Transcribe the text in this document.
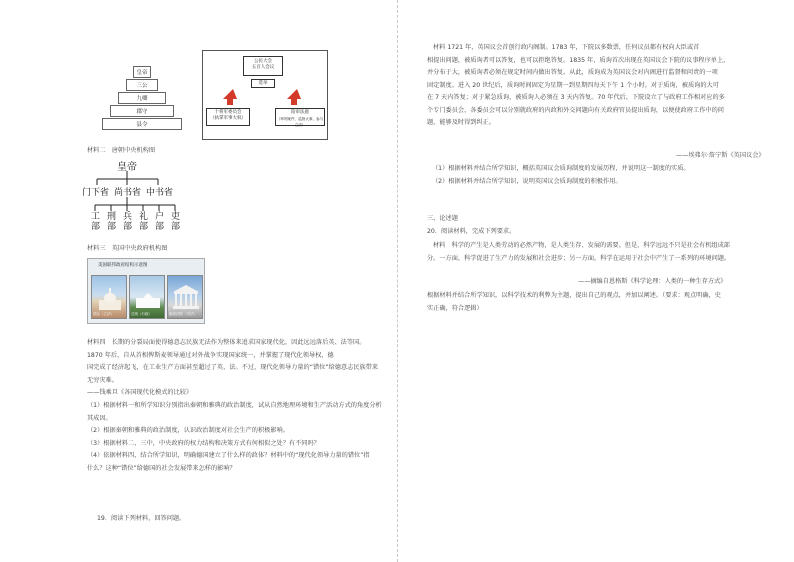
皇帝
三公
九卿
郡守
县令
公民大会
五百人会议
选举
十将军委员会
（执掌军事大权）
陪审法庭
（审判案件，监督大事，参与立法）
材料二　唐朝中央机构图
皇帝
门下省 尚书省 中书省
工
部
刑
部
兵
部
礼
部
户
部
吏
部
材料三　英国中央政府机构图
美国联邦政府结构示意图
国会（立法）	总统（行政）	最高法院（司法）
材料四　长期的分裂局面使得德意志民族无法作为整体来追求国家现代化，因此远远落后英、法等国。
1870 年后，自从首相俾斯麦领导通过对外战争实现国家统一，并掌握了现代化领导权，德
国完成了经济起飞，在工业生产方面甚至超过了英、法。不过，现代化领导力量的“错位”给德意志民族带来
无穷灾难。
——钱乘旦《各国现代化模式的比较》
（1）根据材料一和所学知识分别指出秦朝和雅典的政治制度，试从自然地理环境和生产活动方式的角度分析
其成因。
（2）根据秦朝和雅典的政治制度，认识政治制度对社会生产的积极影响。
（3）根据材料二、三中，中央政府的权力结构和决策方式有何相似之处？有不同吗？
（4）依据材料四，结合所学知识，明确德国建立了什么样的政体？材料中的“现代化领导力量的错位”指
什么？这种“错位”给德国的社会发展带来怎样的影响？
19．阅读下列材料，回答问题。
材料 1721 年，英国议会首创行政内阁制。1783 年，下院以多数票，任何议员都有权向大臣或首
相提出问题，被质询者可以答复，也可以拒绝答复。1835 年，质询首次出现在英国议会下院的议事程序单上，
并分布于大，被质询者必须在规定时间内做出答复。从此，质询成为英国议会对内阁进行监督和问责的一项
固定制度。进入 20 世纪后，质询时间固定为星期一到星期四每天下午 1 个小时。对于质询，被质询的大可
在 7 天内答复；对于紧急质询，被质询人必须在 3 天内答复。70 年代后，下院设立了与政府工作相对应的多
个专门委员会，各委员会可以分别就政府的内政和外交问题向有关政府官员提出质询，以便使政府工作中的问
题，能够及时得到纠正。
——埃弗尔·詹宁斯《英国议会》
（1）根据材料并结合所学知识，概括英国议会质询制度的发展历程，并说明这一制度的实质。
（2）根据材料并结合所学知识，说明英国议会质询制度的积极作用。
三、论述题
20．阅读材料，完成下列要求。
材料　科学的产生是人类劳动的必然产物，是人类生存、发展的需要。但是，科学远远不只是社会有机组成部
分。一方面，科学促进了生产力的发展和社会进步；另一方面，科学在运用于社会中产生了一系列的环境问题。
——摘编自恩格斯《科学论理：人类的一种生存方式》
根据材料并结合所学知识，以科学技术的利弊为主题，提出自己的观点，并加以阐述。（要求：观点明确，史
实正确，符合逻辑）
